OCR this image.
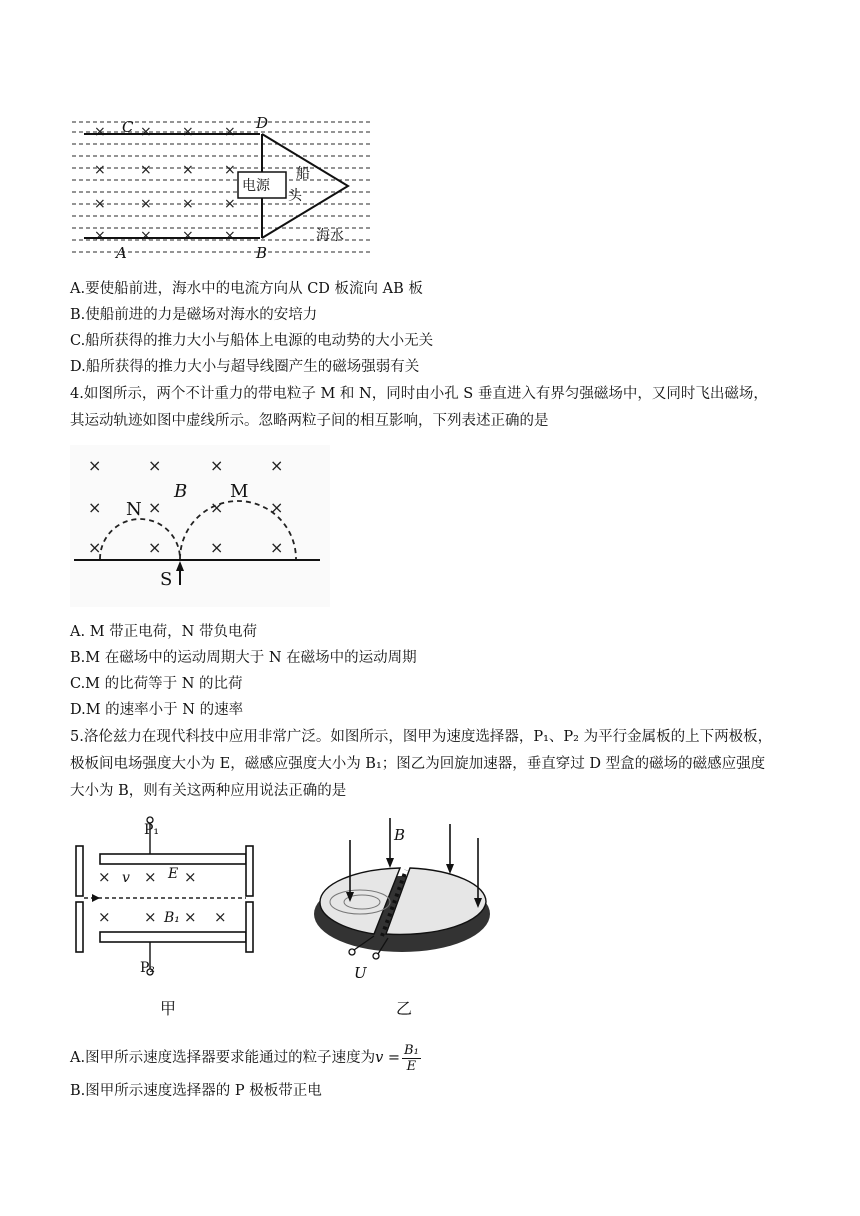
× × × ×
× × × ×
× × × ×
× × × ×
C	D
A	B
电源
船
头
海水
A.要使船前进，海水中的电流方向从 CD 板流向 AB 板
B.使船前进的力是磁场对海水的安培力
C.船所获得的推力大小与船体上电源的电动势的大小无关
D.船所获得的推力大小与超导线圈产生的磁场强弱有关
4.如图所示，两个不计重力的带电粒子 M 和 N，同时由小孔 S 垂直进入有界匀强磁场中，又同时飞出磁场，
其运动轨迹如图中虚线所示。忽略两粒子间的相互影响，下列表述正确的是
×	×	×	×
×	×	×	×
×	×	×	×
B
N
M
S
A. M 带正电荷，N 带负电荷
B.M 在磁场中的运动周期大于 N 在磁场中的运动周期
C.M 的比荷等于 N 的比荷
D.M 的速率小于 N 的速率
5.洛伦兹力在现代科技中应用非常广泛。如图所示，图甲为速度选择器，P₁、P₂ 为平行金属板的上下两极板，
极板间电场强度大小为 E，磁感应强度大小为 B₁；图乙为回旋加速器，垂直穿过 D 型盒的磁场的磁感应强度
大小为 B，则有关这两种应用说法正确的是
× × ×
× × × ×
P₁
E
v
B₁
P₂
甲
B
U
乙
A.图甲所示速度选择器要求能通过的粒子速度为$v = \frac{\text{B₁}}{E}$
B.图甲所示速度选择器的 P 极板带正电
